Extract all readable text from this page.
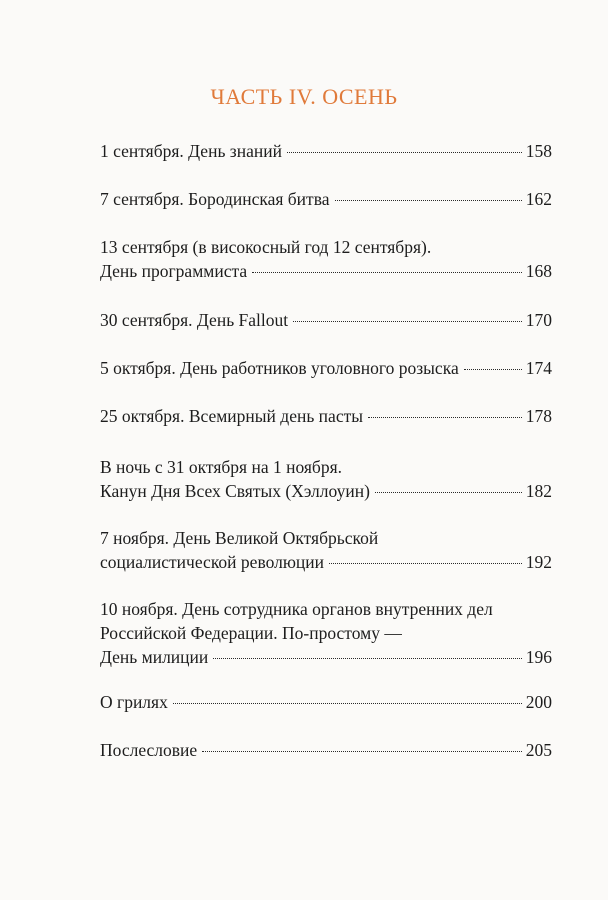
ЧАСТЬ IV. ОСЕНЬ
1 сентября. День знаний	158
7 сентября. Бородинская битва	162
13 сентября (в високосный год 12 сентября).
День программиста	168
30 сентября. День Fallout	170
5 октября. День работников уголовного розыска	174
25 октября. Всемирный день пасты	178
В ночь с 31 октября на 1 ноября.
Канун Дня Всех Святых (Хэллоуин)	182
7 ноября. День Великой Октябрьской
социалистической революции	192
10 ноября. День сотрудника органов внутренних дел
Российской Федерации. По-простому —
День милиции	196
О грилях	200
Послесловие	205
